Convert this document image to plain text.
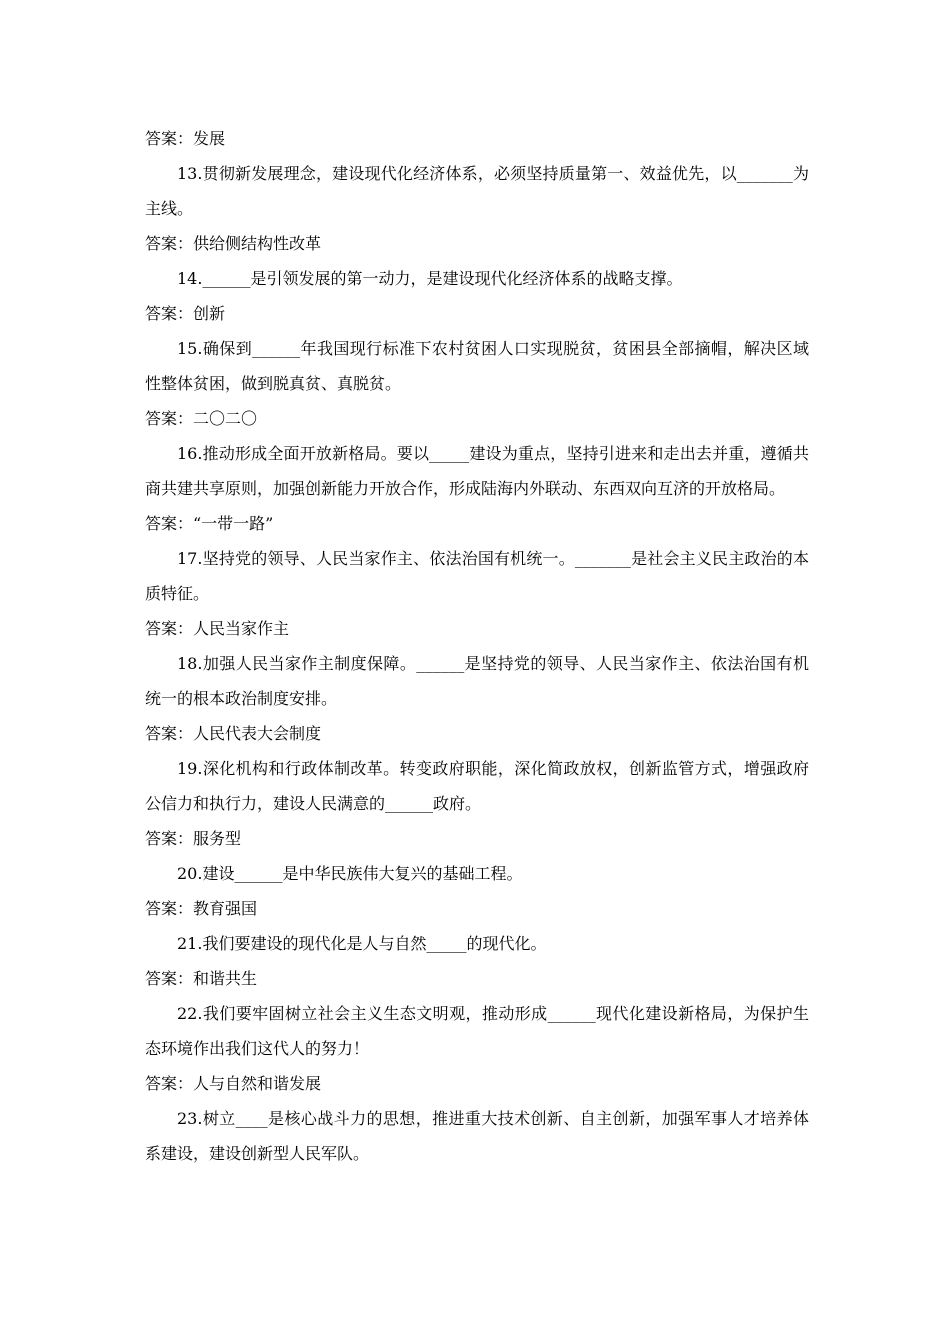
答案：发展

13.贯彻新发展理念，建设现代化经济体系，必须坚持质量第一、效益优先，以_______为主线。

答案：供给侧结构性改革

14.______是引领发展的第一动力，是建设现代化经济体系的战略支撑。

答案：创新

15.确保到______年我国现行标准下农村贫困人口实现脱贫，贫困县全部摘帽，解决区域性整体贫困，做到脱真贫、真脱贫。

答案：二〇二〇

16.推动形成全面开放新格局。要以_____建设为重点，坚持引进来和走出去并重，遵循共商共建共享原则，加强创新能力开放合作，形成陆海内外联动、东西双向互济的开放格局。

答案：“一带一路”

17.坚持党的领导、人民当家作主、依法治国有机统一。_______是社会主义民主政治的本质特征。

答案：人民当家作主

18.加强人民当家作主制度保障。______是坚持党的领导、人民当家作主、依法治国有机统一的根本政治制度安排。

答案：人民代表大会制度

19.深化机构和行政体制改革。转变政府职能，深化简政放权，创新监管方式，增强政府公信力和执行力，建设人民满意的______政府。

答案：服务型

20.建设______是中华民族伟大复兴的基础工程。

答案：教育强国

21.我们要建设的现代化是人与自然_____的现代化。

答案：和谐共生

22.我们要牢固树立社会主义生态文明观，推动形成______现代化建设新格局，为保护生态环境作出我们这代人的努力！

答案：人与自然和谐发展

23.树立____是核心战斗力的思想，推进重大技术创新、自主创新，加强军事人才培养体系建设，建设创新型人民军队。
